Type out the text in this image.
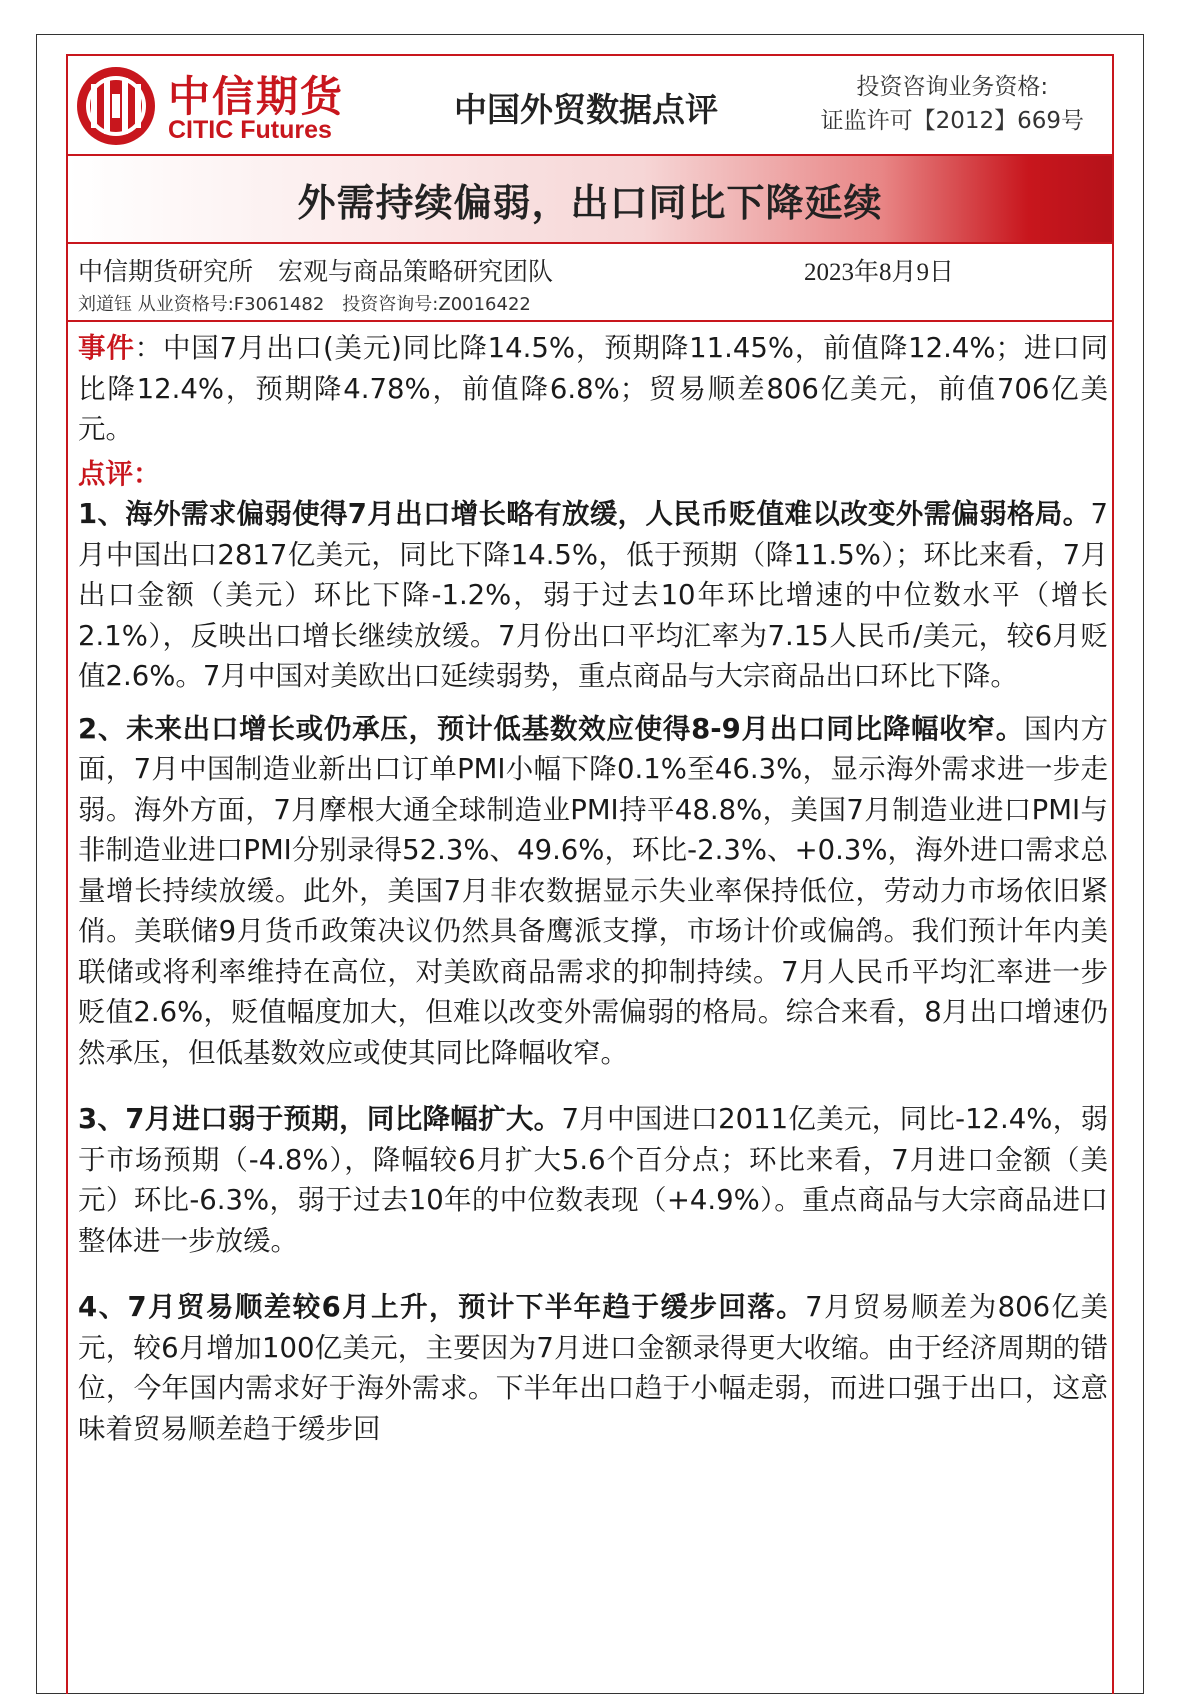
中信期货
CITIC Futures
中国外贸数据点评
投资咨询业务资格:
证监许可【2012】669号
外需持续偏弱，出口同比下降延续
中信期货研究所　宏观与商品策略研究团队	2023年8月9日
刘道钰 从业资格号:F3061482　投资咨询号:Z0016422

事件：中国7月出口(美元)同比降14.5%，预期降11.45%，前值降12.4%；进口同比降12.4%，预期降4.78%，前值降6.8%；贸易顺差806亿美元，前值706亿美元。

点评：

1、海外需求偏弱使得7月出口增长略有放缓，人民币贬值难以改变外需偏弱格局。7月中国出口2817亿美元，同比下降14.5%，低于预期（降11.5%）；环比来看，7月出口金额（美元）环比下降-1.2%，弱于过去10年环比增速的中位数水平（增长2.1%），反映出口增长继续放缓。7月份出口平均汇率为7.15人民币/美元，较6月贬值2.6%。7月中国对美欧出口延续弱势，重点商品与大宗商品出口环比下降。

2、未来出口增长或仍承压，预计低基数效应使得8-9月出口同比降幅收窄。国内方面，7月中国制造业新出口订单PMI小幅下降0.1%至46.3%，显示海外需求进一步走弱。海外方面，7月摩根大通全球制造业PMI持平48.8%，美国7月制造业进口PMI与非制造业进口PMI分别录得52.3%、49.6%，环比-2.3%、+0.3%，海外进口需求总量增长持续放缓。此外，美国7月非农数据显示失业率保持低位，劳动力市场依旧紧俏。美联储9月货币政策决议仍然具备鹰派支撑，市场计价或偏鸽。我们预计年内美联储或将利率维持在高位，对美欧商品需求的抑制持续。7月人民币平均汇率进一步贬值2.6%，贬值幅度加大，但难以改变外需偏弱的格局。综合来看，8月出口增速仍然承压，但低基数效应或使其同比降幅收窄。

3、7月进口弱于预期，同比降幅扩大。7月中国进口2011亿美元，同比-12.4%，弱于市场预期（-4.8%），降幅较6月扩大5.6个百分点；环比来看，7月进口金额（美元）环比-6.3%，弱于过去10年的中位数表现（+4.9%）。重点商品与大宗商品进口整体进一步放缓。

4、7月贸易顺差较6月上升，预计下半年趋于缓步回落。7月贸易顺差为806亿美元，较6月增加100亿美元，主要因为7月进口金额录得更大收缩。由于经济周期的错位，今年国内需求好于海外需求。下半年出口趋于小幅走弱，而进口强于出口，这意味着贸易顺差趋于缓步回
